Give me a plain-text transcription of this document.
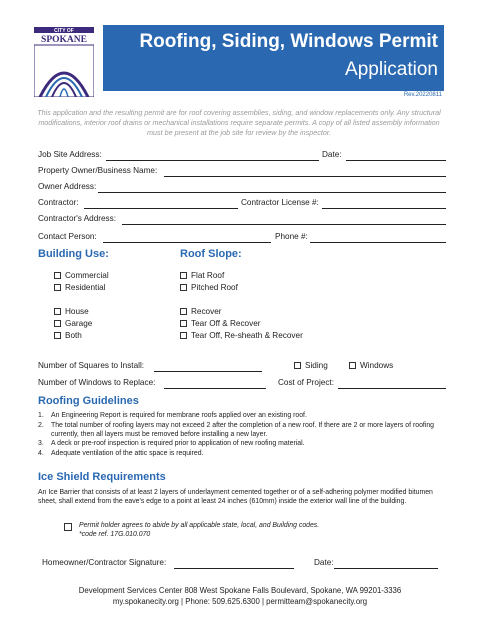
CITY OF
SPOKANE	Roofing, Siding, Windows Permit
Application
Rev.20220811
This application and the resulting permit are for roof covering assemblies, siding, and window replacements only. Any structural modifications, interior roof drains or mechanical installations require separate permits. A copy of all listed assembly information must be present at the job site for review by the inspector.
Job Site Address:	Date:
Property Owner/Business Name:
Owner Address:
Contractor:	Contractor License #:
Contractor's Address:
Contact Person:	Phone #:
Building Use:
Commercial
Residential
House
Garage
Both
Roof Slope:
Flat Roof
Pitched Roof
Recover
Tear Off & Recover
Tear Off, Re-sheath & Recover
Number of Squares to Install:	Siding	Windows
Number of Windows to Replace:	Cost of Project:
Roofing Guidelines
1.	An Engineering Report is required for membrane roofs applied over an existing roof.
2.	The total number of roofing layers may not exceed 2 after the completion of a new roof. If there are 2 or more layers of roofing currently, then all layers must be removed before installing a new layer.
3.	A deck or pre-roof inspection is required prior to application of new roofing material.
4.	Adequate ventilation of the attic space is required.
Ice Shield Requirements
An Ice Barrier that consists of at least 2 layers of underlayment cemented together or of a self-adhering polymer modified bitumen sheet, shall extend from the eave's edge to a point at least 24 inches (610mm) inside the exterior wall line of the building.
Permit holder agrees to abide by all applicable state, local, and Building codes.
*code ref. 17G.010.070
Homeowner/Contractor Signature:	Date:
Development Services Center 808 West Spokane Falls Boulevard, Spokane, WA 99201-3336
my.spokanecity.org | Phone: 509.625.6300 | permitteam@spokanecity.org
